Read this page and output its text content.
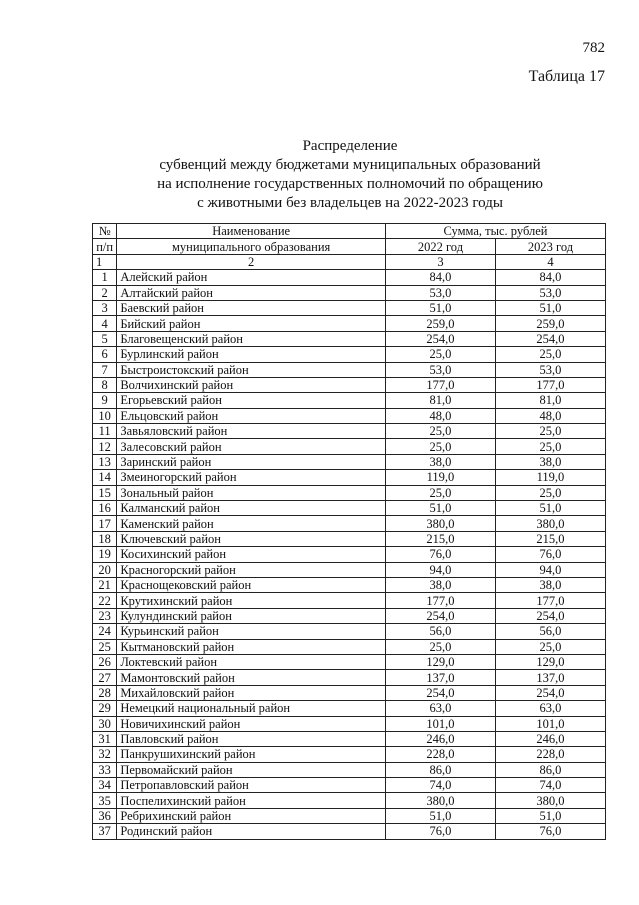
782
Таблица 17
Распределение
субвенций между бюджетами муниципальных образований
на исполнение государственных полномочий по обращению
с животными без владельцев на 2022-2023 годы
№	Наименование	Сумма, тыс. рублей	
п/п	муниципального образования	2022 год	2023 год
1	2	3	4
1	Алейский район	84,0	84,0
2	Алтайский район	53,0	53,0
3	Баевский район	51,0	51,0
4	Бийский район	259,0	259,0
5	Благовещенский район	254,0	254,0
6	Бурлинский район	25,0	25,0
7	Быстроистокский район	53,0	53,0
8	Волчихинский район	177,0	177,0
9	Егорьевский район	81,0	81,0
10	Ельцовский район	48,0	48,0
11	Завьяловский район	25,0	25,0
12	Залесовский район	25,0	25,0
13	Заринский район	38,0	38,0
14	Змеиногорский район	119,0	119,0
15	Зональный район	25,0	25,0
16	Калманский район	51,0	51,0
17	Каменский район	380,0	380,0
18	Ключевский район	215,0	215,0
19	Косихинский район	76,0	76,0
20	Красногорский район	94,0	94,0
21	Краснощековский район	38,0	38,0
22	Крутихинский район	177,0	177,0
23	Кулундинский район	254,0	254,0
24	Курьинский район	56,0	56,0
25	Кытмановский район	25,0	25,0
26	Локтевский район	129,0	129,0
27	Мамонтовский район	137,0	137,0
28	Михайловский район	254,0	254,0
29	Немецкий национальный район	63,0	63,0
30	Новичихинский район	101,0	101,0
31	Павловский район	246,0	246,0
32	Панкрушихинский район	228,0	228,0
33	Первомайский район	86,0	86,0
34	Петропавловский район	74,0	74,0
35	Поспелихинский район	380,0	380,0
36	Ребрихинский район	51,0	51,0
37	Родинский район	76,0	76,0
